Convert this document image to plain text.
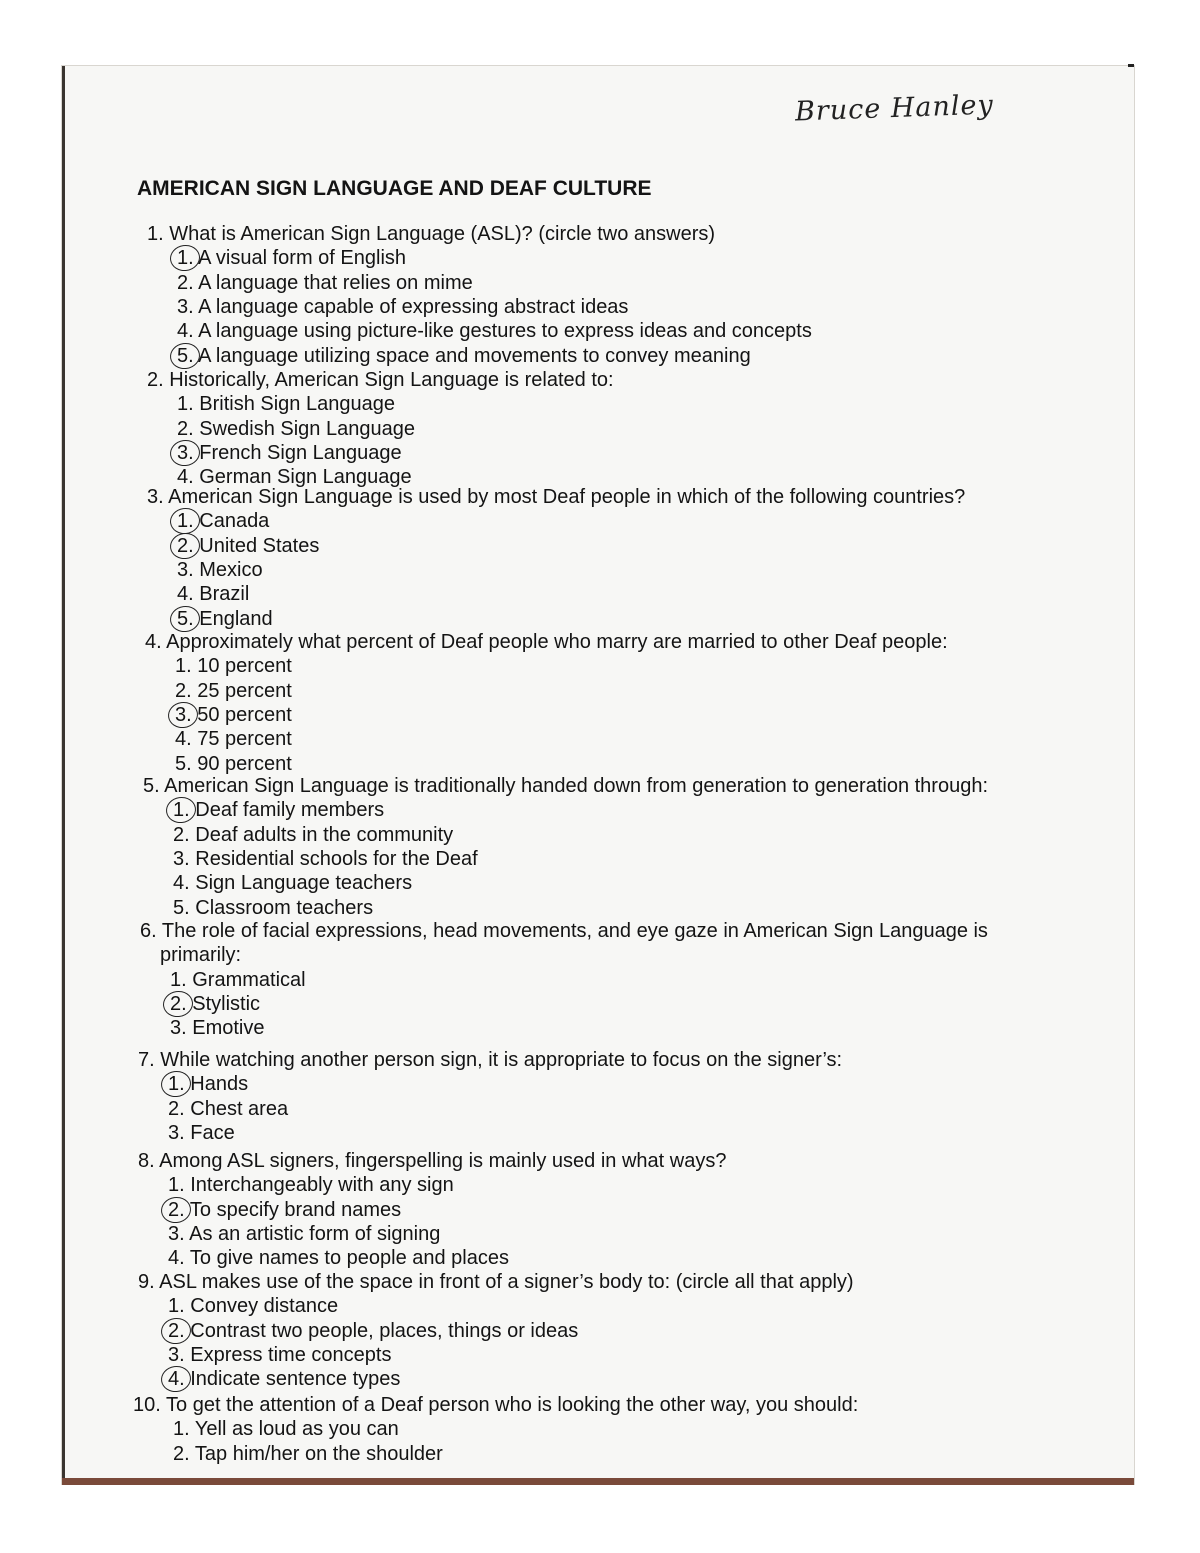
Bruce Hanley
AMERICAN SIGN LANGUAGE AND DEAF CULTURE
1. What is American Sign Language (ASL)? (circle two answers)
1. A visual form of English
2. A language that relies on mime
3. A language capable of expressing abstract ideas
4. A language using picture-like gestures to express ideas and concepts
5. A language utilizing space and movements to convey meaning
2. Historically, American Sign Language is related to:
1. British Sign Language
2. Swedish Sign Language
3. French Sign Language
4. German Sign Language
3. American Sign Language is used by most Deaf people in which of the following countries?
1. Canada
2. United States
3. Mexico
4. Brazil
5. England
4. Approximately what percent of Deaf people who marry are married to other Deaf people:
1. 10 percent
2. 25 percent
3. 50 percent
4. 75 percent
5. 90 percent
5. American Sign Language is traditionally handed down from generation to generation through:
1. Deaf family members
2. Deaf adults in the community
3. Residential schools for the Deaf
4. Sign Language teachers
5. Classroom teachers
6. The role of facial expressions, head movements, and eye gaze in American Sign Language is
primarily:
1. Grammatical
2. Stylistic
3. Emotive
7. While watching another person sign, it is appropriate to focus on the signer’s:
1. Hands
2. Chest area
3. Face
8. Among ASL signers, fingerspelling is mainly used in what ways?
1. Interchangeably with any sign
2. To specify brand names
3. As an artistic form of signing
4. To give names to people and places
9. ASL makes use of the space in front of a signer’s body to: (circle all that apply)
1. Convey distance
2. Contrast two people, places, things or ideas
3. Express time concepts
4. Indicate sentence types
10. To get the attention of a Deaf person who is looking the other way, you should:
1. Yell as loud as you can
2. Tap him/her on the shoulder
